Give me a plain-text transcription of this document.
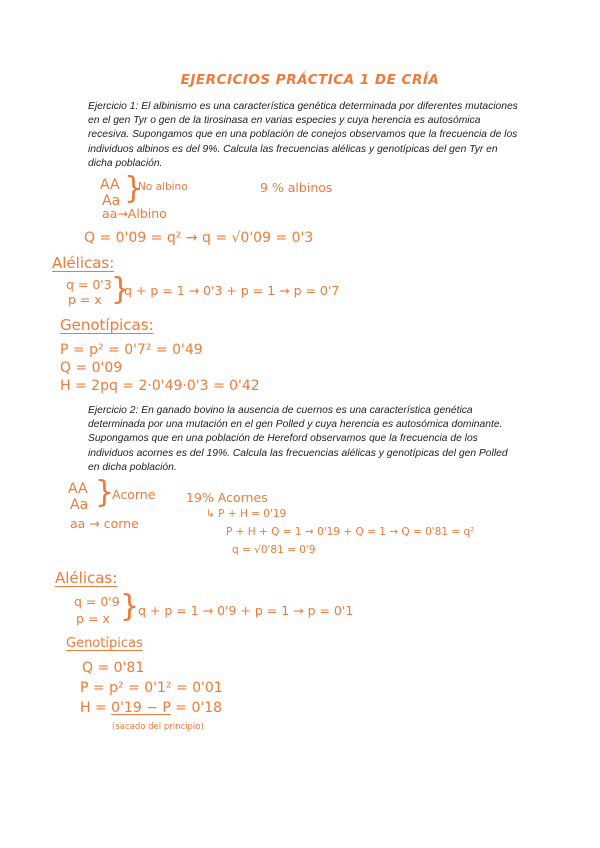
EJERCICIOS PRÁCTICA 1 DE CRÍA
Ejercicio 1: El albinismo es una característica genética determinada por diferentes mutaciones en el gen Tyr o gen de la tirosinasa en varias especies y cuya herencia es autosómica recesiva. Supongamos que en una población de conejos observamos que la frecuencia de los individuos albinos es del 9%. Calcula las frecuencias alélicas y genotípicas del gen Tyr en dicha población.
AA
Aa }
No albino
aa→Albino
9 % albinos
Q = 0'09 = q² → q = √0'09 = 0'3
Alélicas:
q = 0'3
p = x }
q + p = 1 → 0'3 + p = 1 → p = 0'7
Genotípicas:
P = p² = 0'7² = 0'49
Q = 0'09
H = 2pq = 2·0'49·0'3 = 0'42
Ejercicio 2: En ganado bovino la ausencia de cuernos es una característica genética determinada por una mutación en el gen Polled y cuya herencia es autosómica dominante. Supongamos que en una población de Hereford observamos que la frecuencia de los individuos acornes es del 19%. Calcula las frecuencias alélicas y genotípicas del gen Polled en dicha población.
AA
Aa }
Acorne
aa → corne
19% Acornes
↳ P + H = 0'19
P + H + Q = 1 → 0'19 + Q = 1 → Q = 0'81 = q²
q = √0'81 = 0'9
Alélicas:
q = 0'9
p = x }
q + p = 1 → 0'9 + p = 1 → p = 0'1
Genotípicas
Q = 0'81
P = p² = 0'1² = 0'01
H = 0'19 − P = 0'18
(sacado del principio)
